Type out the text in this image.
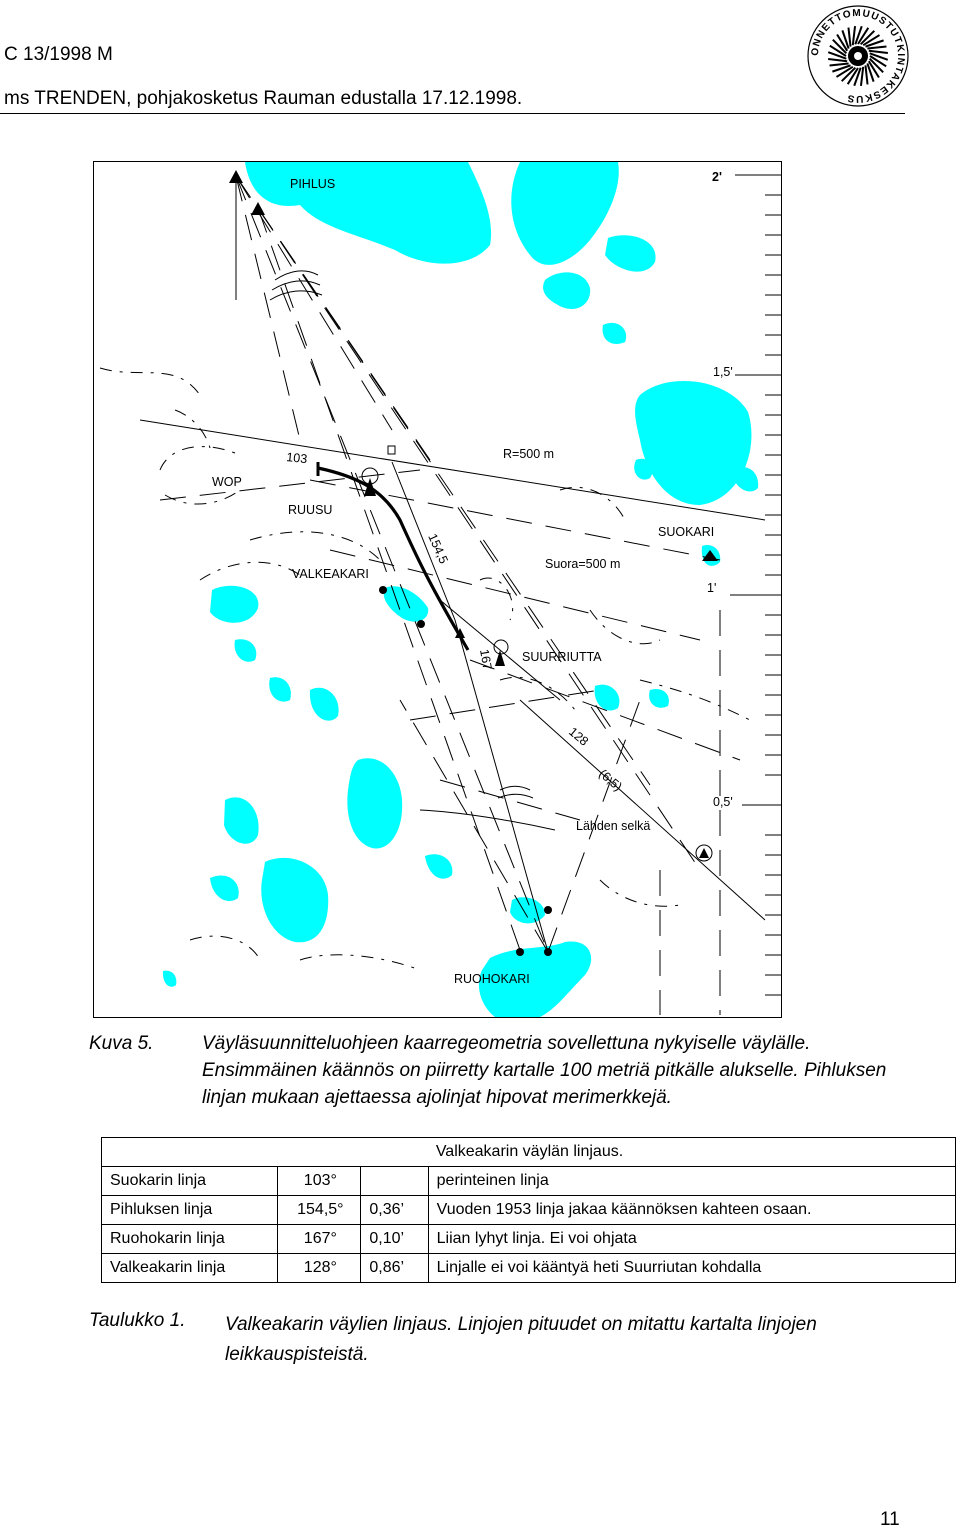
C 13/1998 M
ms TRENDEN, pohjakosketus Rauman edustalla 17.12.1998.
ONNETTOMUUSTUTKINTAKESKUS
PIHLUS	2'
1,5'
103	R=500 m
WOP
RUUSU
SUOKARI
154,5
VALKEAKARI
Suora=500 m
1'
167 SUURRIUTTA
128
(6,5)
0,5'
Lähden selkä
RUOHOKARI
Kuva 5.	Väyläsuunnitteluohjeen kaarregeometria sovellettuna nykyiselle väylälle. Ensimmäinen käännös on piirretty kartalle 100 metriä pitkälle alukselle. Pihluksen linjan mukaan ajettaessa ajolinjat hipovat merimerkkejä.
Valkeakarin väylän linjaus.			
Suokarin linja	103°		perinteinen linja
Pihluksen linja	154,5°	0,36’	Vuoden 1953 linja jakaa käännöksen kahteen osaan.
Ruohokarin linja	167°	0,10’	Liian lyhyt linja. Ei voi ohjata
Valkeakarin linja	128°	0,86’	Linjalle ei voi kääntyä heti Suurriutan kohdalla
Taulukko 1. Valkeakarin väylien linjaus. Linjojen pituudet on mitattu kartalta linjojen leikkauspisteistä.
11
